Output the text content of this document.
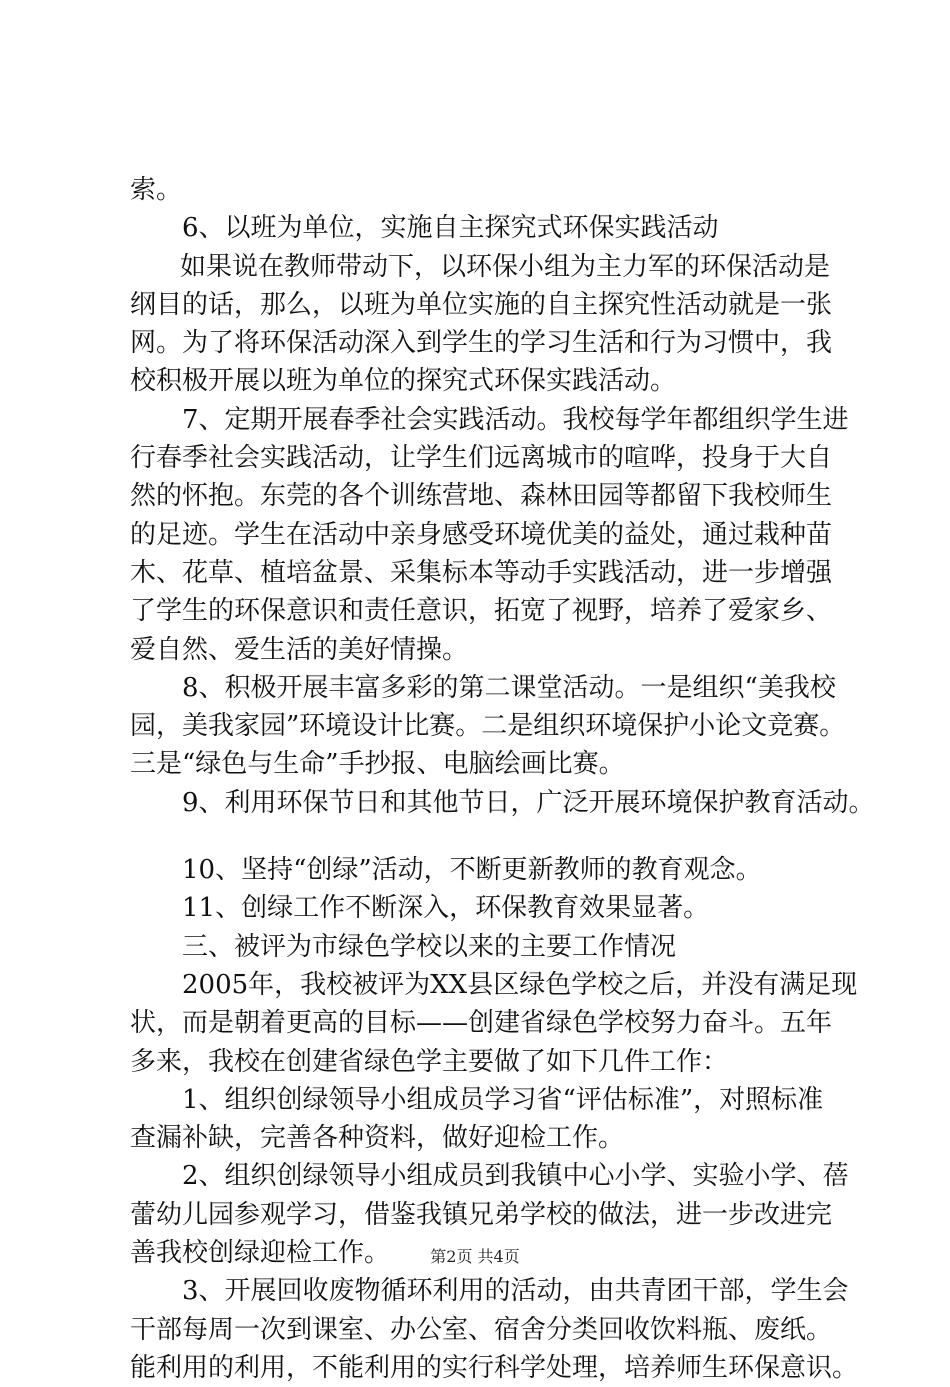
索。
6、以班为单位，实施自主探究式环保实践活动
如果说在教师带动下，以环保小组为主力军的环保活动是
纲目的话，那么，以班为单位实施的自主探究性活动就是一张
网。为了将环保活动深入到学生的学习生活和行为习惯中，我
校积极开展以班为单位的探究式环保实践活动。
7、定期开展春季社会实践活动。我校每学年都组织学生进
行春季社会实践活动，让学生们远离城市的喧哗，投身于大自
然的怀抱。东莞的各个训练营地、森林田园等都留下我校师生
的足迹。学生在活动中亲身感受环境优美的益处，通过栽种苗
木、花草、植培盆景、采集标本等动手实践活动，进一步增强
了学生的环保意识和责任意识，拓宽了视野，培养了爱家乡、
爱自然、爱生活的美好情操。
8、积极开展丰富多彩的第二课堂活动。一是组织“美我校
园，美我家园”环境设计比赛。二是组织环境保护小论文竞赛。
三是“绿色与生命”手抄报、电脑绘画比赛。
9、利用环保节日和其他节日，广泛开展环境保护教育活动。
10、坚持“创绿”活动，不断更新教师的教育观念。
11、创绿工作不断深入，环保教育效果显著。
三、被评为市绿色学校以来的主要工作情况
2005年，我校被评为XX县区绿色学校之后，并没有满足现
状，而是朝着更高的目标——创建省绿色学校努力奋斗。五年
多来，我校在创建省绿色学主要做了如下几件工作：
1、组织创绿领导小组成员学习省“评估标准”，对照标准
查漏补缺，完善各种资料，做好迎检工作。
2、组织创绿领导小组成员到我镇中心小学、实验小学、蓓
蕾幼儿园参观学习，借鉴我镇兄弟学校的做法，进一步改进完
善我校创绿迎检工作。
3、开展回收废物循环利用的活动，由共青团干部，学生会
干部每周一次到课室、办公室、宿舍分类回收饮料瓶、废纸。
能利用的利用，不能利用的实行科学处理，培养师生环保意识。
第2页 共4页
